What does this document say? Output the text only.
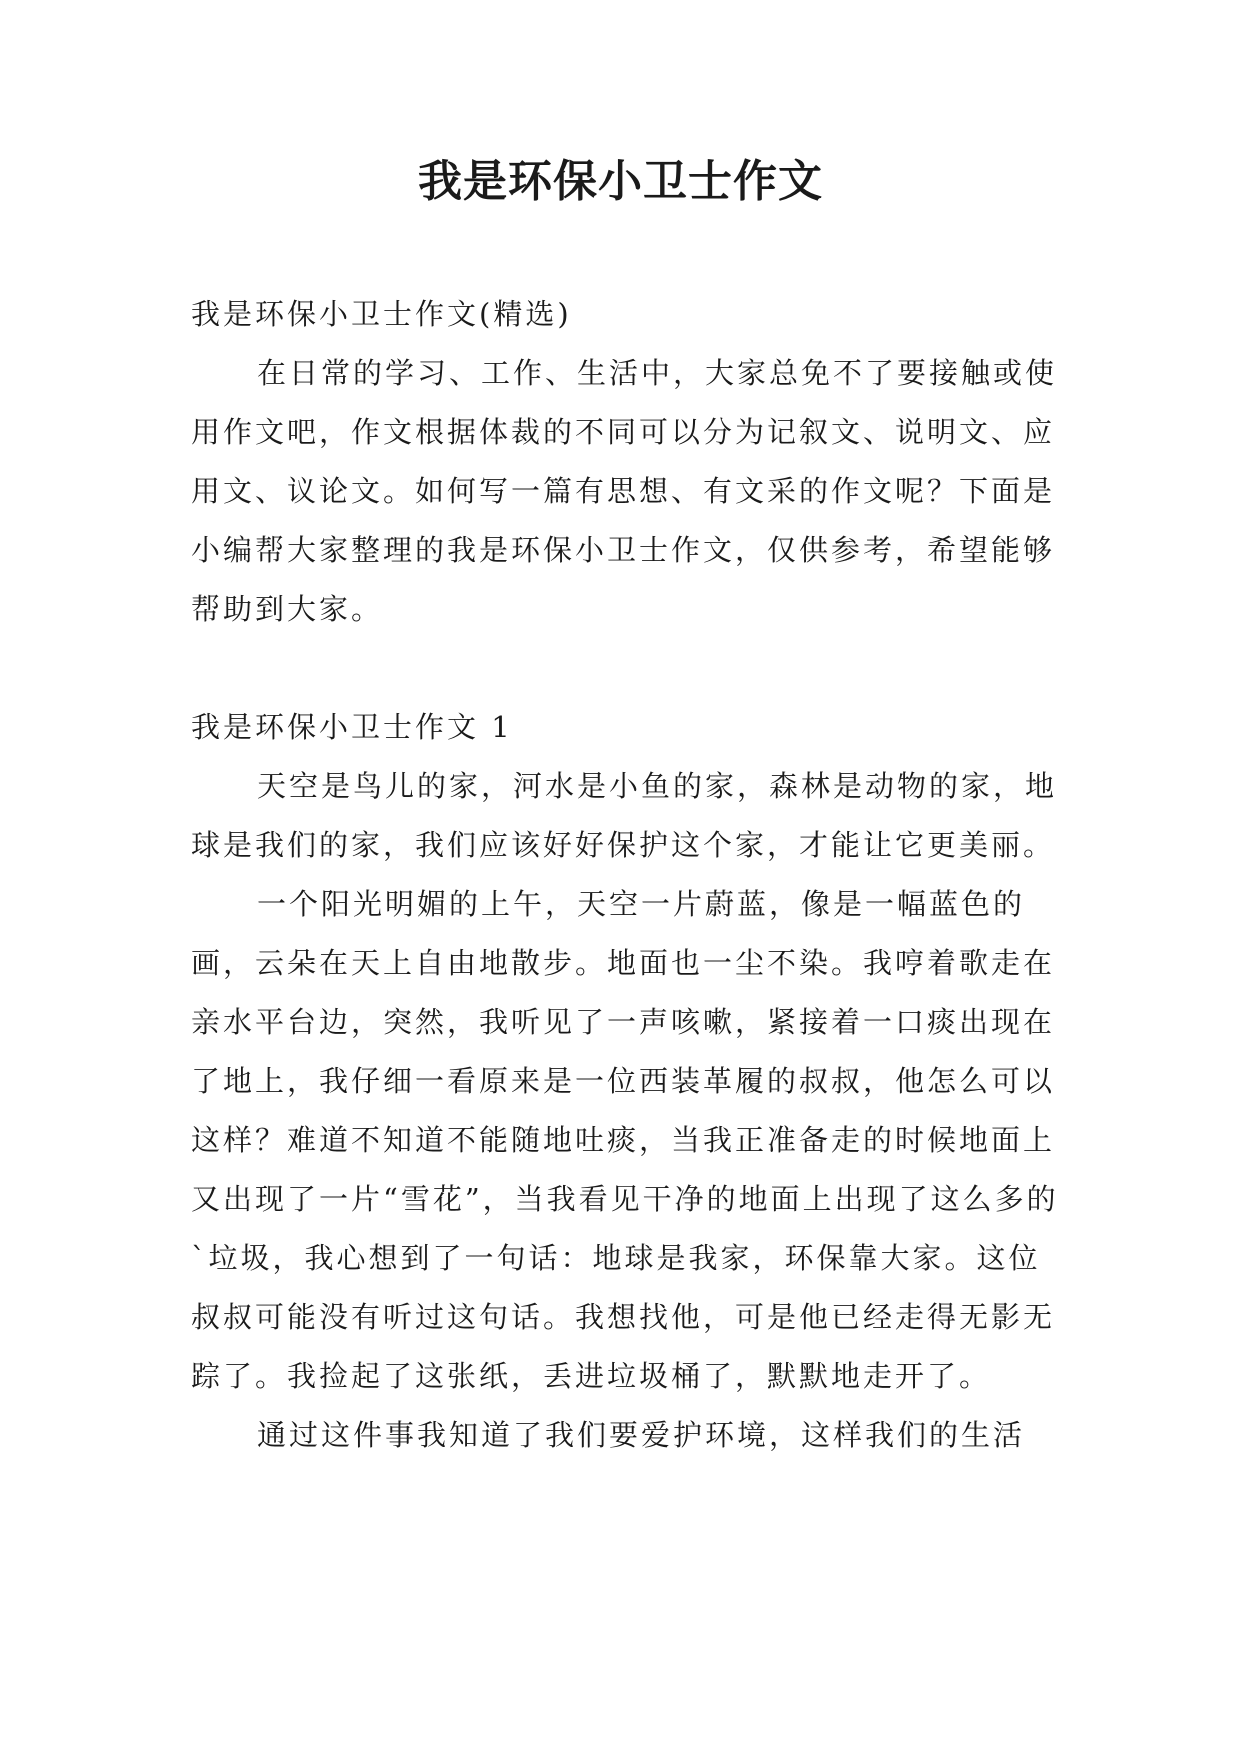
我是环保小卫士作文

我是环保小卫士作文(精选)

在日常的学习、工作、生活中，大家总免不了要接触或使用作文吧，作文根据体裁的不同可以分为记叙文、说明文、应用文、议论文。如何写一篇有思想、有文采的作文呢？下面是小编帮大家整理的我是环保小卫士作文，仅供参考，希望能够帮助到大家。

我是环保小卫士作文 1

天空是鸟儿的家，河水是小鱼的家，森林是动物的家，地球是我们的家，我们应该好好保护这个家，才能让它更美丽。

一个阳光明媚的上午，天空一片蔚蓝，像是一幅蓝色的画，云朵在天上自由地散步。地面也一尘不染。我哼着歌走在亲水平台边，突然，我听见了一声咳嗽，紧接着一口痰出现在了地上，我仔细一看原来是一位西装革履的叔叔，他怎么可以这样？难道不知道不能随地吐痰，当我正准备走的时候地面上又出现了一片“雪花”，当我看见干净的地面上出现了这么多的`垃圾，我心想到了一句话：地球是我家，环保靠大家。这位叔叔可能没有听过这句话。我想找他，可是他已经走得无影无踪了。我捡起了这张纸，丢进垃圾桶了，默默地走开了。

通过这件事我知道了我们要爱护环境，这样我们的生活
